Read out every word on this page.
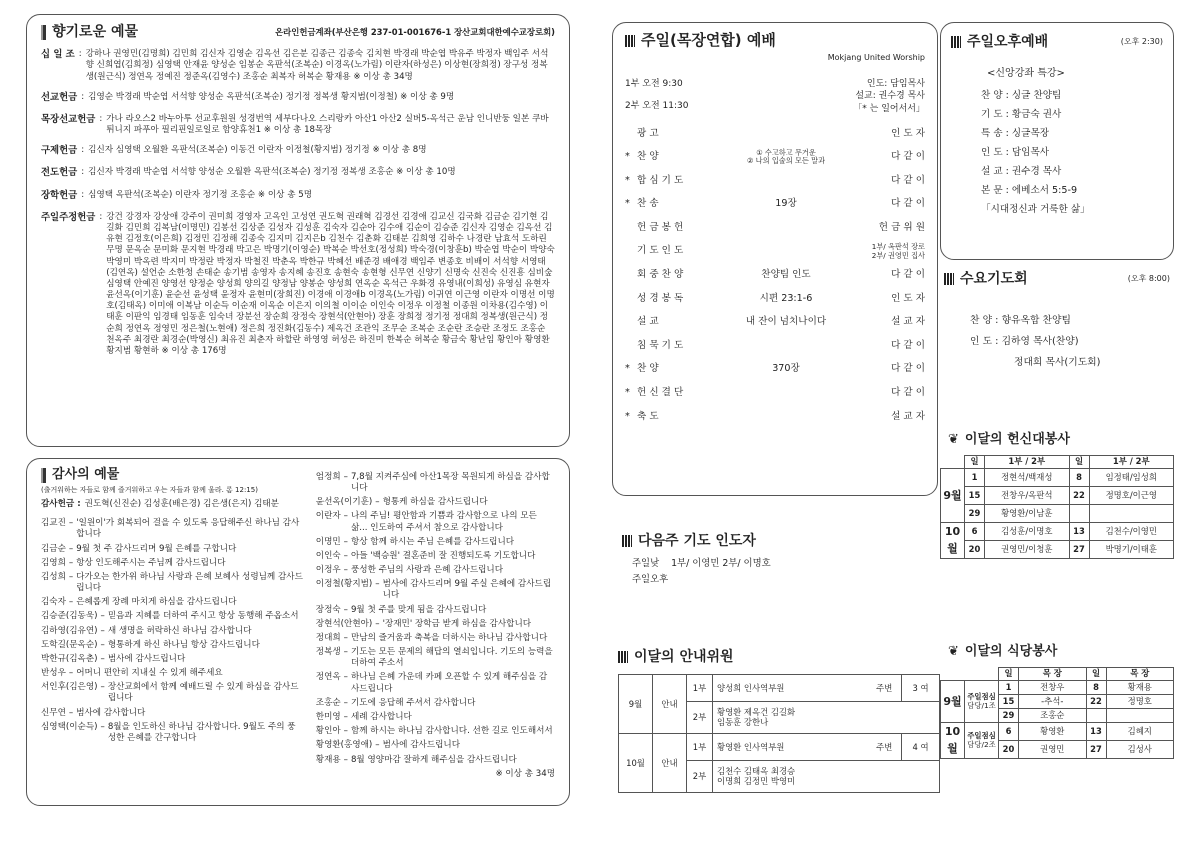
향기로운 예물	온라인헌금계좌(부산은행 237-01-001676-1 장산교회대한예수교장로회)
십 일 조 : 강하나 권영민(김명희) 김민희 김신자 김영순 김옥선 김은분 김종근 김종숙 김치현 박경래 박순엽 박유주 박정자 백임주 서석향 신희엽(김희정) 심영택 안재윤 양성순 임봉순 옥판석(조복순) 이경옥(노가림) 이란자(하성은) 이상현(장희정) 장구성 정복생(원근식) 정연옥 정예진 정준옥(김영수) 조홍순 최복자 허복순 황재용 ※ 이상 총 34명
선교헌금 : 김영순 박경래 박순엽 서석향 양성순 옥판석(조복순) 정기정 정복생 황지범(이정철) ※ 이상 총 9명
목장선교헌금 : 가나 라오스2 바누아투 선교후원원 성경번역 세부다나오 스리랑카 아산1 아산2 실버5-옥석근 운남 인니반둥 일본 쿠바 튀니지 파푸아 필리핀일로일로 함양휴천1 ※ 이상 총 18목장
구제헌금 : 김신자 심영택 오월환 옥판석(조복순) 이동건 이란자 이정철(황지범) 정기정 ※ 이상 총 8명
전도헌금 : 김신자 박경래 박순엽 서석향 양성순 오월환 옥판석(조복순) 정기정 정복생 조홍순 ※ 이상 총 10명
장학헌금 : 심영택 옥판석(조복순) 이란자 정기정 조홍순 ※ 이상 총 5명
주일주정헌금 : 강건 강경자 강상애 강주이 권미희 경영자 고옥인 고성연 권도혁 권래혁 김경선 김경애 김교신 김국화 김금순 김기현 김길화 김민희 김복남(이명민) 김봉선 김상준 김성자 김성훈 김숙자 김순아 김수애 김순이 김승준 김신자 김영순 김옥선 김유현 김정호(이은희) 김정민 김정해 김종숙 김지미 김지은b 김천수 김춘화 김태분 김희영 김하수 나경란 남효석 도하린 무명 문옥순 문미화 문지현 박경래 박고은 박명기(이영순) 박복순 박선호(정성희) 박숙경(이창훈b) 박순엽 박순이 박양숙 박영미 박옥련 박지미 박정란 박정자 박철진 박춘옥 박한규 박혜선 배준경 배애경 백임주 변종호 비배이 서석향 서영태(김연옥) 설언순 소한청 손태순 송기범 송영자 송지혜 송진호 송현숙 송현형 신무연 신양기 신명숙 신진숙 신진흥 심비숲 심영택 안예진 양영선 양정순 양성희 양의길 양정남 양봉순 양성희 연옥순 옥석근 우화경 유영내(이희성) 유영심 유현자 윤선옥(이기훈) 윤순선 윤성택 윤정자 윤현미(장희진) 이경애 이경애b 이경옥(노가림) 이귀연 이근영 이란자 이명선 이명호(김태옥) 이미애 이복남 이순득 이순재 이옥순 이은지 이의철 이이순 이인숙 이정우 이정철 이종원 이차용(김수영) 이태훈 이판익 임경태 임동훈 임숙녀 장분선 장순희 장정숙 장현석(안현아) 장훈 장희정 정기정 정대희 정복생(원근식) 정순희 정연옥 정영민 정은철(노현애) 정은희 정진화(김동수) 제옥건 조관익 조무순 조복순 조순란 조승란 조정도 조홍순 천옥주 최경란 최경순(박영신) 최유진 최춘자 하할란 하영영 허성은 하진미 한복순 허복순 황금숙 황난임 황인아 황영환 황지범 황현하 ※ 이상 총 176명
감사의 예물
(출거워하는 자들로 함께 즐거워하고 우는 자들과 함께 울라. 롬 12:15)
감사헌금 : 권도혁(신진순) 김성훈(배은경) 김은생(은지) 김태분
김교진 – '일원이'가 회복되어 걸을 수 있도록 응답해주신 하나님 감사합니다
김금순 – 9월 첫 주 감사드리며 9월 은혜를 구합니다
김영희 – 항상 인도해주시는 주님께 감사드립니다
김성희 – 다가오는 한가위 하나님 사랑과 은혜 보혜사 성령님께 감사드립니다
김숙자 – 은혜롭게 장례 마치게 하심을 감사드립니다
김승준(김동욱) – 믿음과 지혜를 더하여 주시고 항상 동행해 주옵소서
김하영(김유연) – 새 생명을 허락하신 하나님 감사합니다
도학길(문옥순) – 형통하게 하신 하나님 항상 감사드립니다
박한규(김옥춘) – 범사에 감사드립니다
반성우 – 어머니 편안히 지내실 수 있게 해주세요
서인후(김은영) – 장산교회에서 함께 예배드릴 수 있게 하심을 감사드립니다
신무연 – 범사에 감사합니다
심영택(이순득) – 8월을 인도하신 하나님 감사합니다. 9월도 주의 풍성한 은혜를 간구합니다
엄정희 – 7,8월 지켜주심에 아산1목장 목원되게 하심을 감사합니다
윤선옥(이기훈) – 형통케 하심을 감사드립니다
이란자 – 나의 주님! 평안함과 기쁨과 감사함으로 나의 모든 삶... 인도하여 주셔서 참으로 감사합니다
이명민 – 항상 함께 하시는 주님 은혜를 감사드립니다
이인숙 – 아들 '백승원' 결혼준비 잘 진행되도록 기도합니다
이정우 – 풍성한 주님의 사랑과 은혜 감사드립니다
이정철(황지범) – 범사에 감사드리며 9월 주실 은혜에 감사드립니다
장정숙 – 9월 첫 주를 맞게 됨을 감사드립니다
장현석(안현아) – '장재민' 장학금 받게 하심을 감사합니다
정대희 – 만남의 즐거움과 축복을 더하시는 하나님 감사합니다
정복생 – 기도는 모든 문제의 해답의 열쇠입니다. 기도의 능력을 더하여 주소서
정연옥 – 하나님 은혜 가운데 카페 오픈할 수 있게 해주심을 감사드립니다
조홍순 – 기도에 응답해 주셔서 감사합니다
한미영 – 세례 감사합니다
황인아 – 함께 하시는 하나님 감사합니다. 선한 길로 인도해서서
황영환(홍영애) – 범사에 감사드립니다
황재용 – 8월 영양마감 잘하게 해주심을 감사드립니다
※ 이상 총 34명
주일(목장연합) 예배
Mokjang United Worship
1부 오전 9:30
2부 오전 11:30
인도: 담임목사
설교: 권수경 목사
「* 는 일어서서」
	광 고		인 도 자
*	찬 양	① 수고하고 무거운
② 나의 입술의 모든 말과	다 같 이
*	합 심 기 도		다 같 이
*	찬 송	19장	다 같 이
	헌 금 봉 헌		헌 금 위 원
	기 도 인 도		1부/ 옥판석 장로
2부/ 권영민 집사
	회 중 찬 양	찬양팀 인도	다 같 이
	성 경 봉 독	시편 23:1-6	인 도 자
	설 교	내 잔이 넘치나이다	설 교 자
	침 묵 기 도		다 같 이
*	찬 양	370장	다 같 이
*	헌 신 결 단		다 같 이
*	축 도		설 교 자
다음주 기도 인도자
주일낮 1부/ 이영민 2부/ 이명호
주일오후
이달의 안내위원
9월	안내	1부	양성희 인사역부원	주변	3 여
		2부	황영환 제옥건 김길화
임동훈 강한나		
10월	안내	1부	황영환 인사역부원	주변	4 여
		2부	김천수 김태옥 최경승
이명희 김정민 박영미		
주일오후예배	(오후 2:30)
<신앙강좌 특강>
찬 양 : 싱글 찬양팀
기 도 : 황금숙 권사
특 송 : 싱글목장
인 도 : 담임목사
설 교 : 권수경 목사
본 문 : 에베소서 5:5-9
「시대정신과 거룩한 삶」
수요기도회	(오후 8:00)
찬 양 : 향유옥합 찬양팀
인 도 : 김하영 목사(찬양)
정대희 목사(기도회)
❦ 이달의 헌신대봉사
	일	1부 / 2부	일	1부 / 2부
9월	1	정현석/백재성	8	임정태/임성희
	15	전창우/옥판석	22	정명호/이근영
	29	황영환/이남훈		
10월	6	김성훈/이명호	13	김천수/이영민
	20	권영민/이청훈	27	박명기/이태훈
❦ 이달의 식당봉사
		일	목 장	일	목 장
9월	주일점심
담당/1조	1	전창우	8	황재용
		15	-추석-	22	정명호
		29	조홍순		
10월	주일점심
담당/2조	6	황영환	13	김혜지
		20	권영민	27	김성사
